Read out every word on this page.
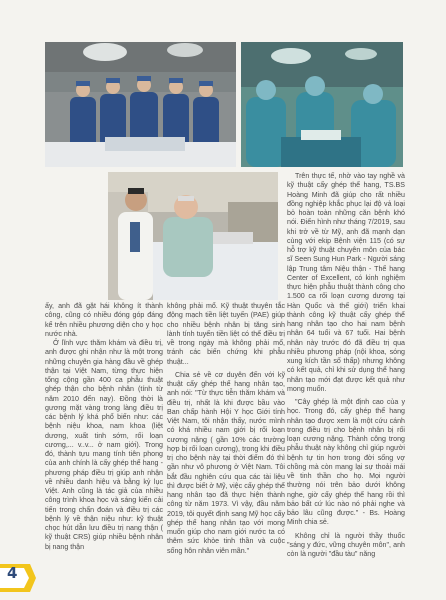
ấy, anh đã gặt hái không ít thành công, cũng có nhiều đóng góp đáng kể trên nhiều phương diện cho y học nước nhà.

Ở lĩnh vực thăm khám và điều trị, anh được ghi nhận như là một trong những chuyên gia hàng đầu về ghép thận tại Việt Nam, từng thực hiện tổng cộng gần 400 ca phẫu thuật ghép thận cho bệnh nhân (tính từ năm 2010 đến nay). Đồng thời là gương mặt vàng trong làng điều trị các bệnh lý khá phổ biến như: các bệnh niệu khoa, nam khoa (liệt dương, xuất tinh sớm, rối loạn cương,... v..v... ở nam giới). Trong đó, thành tựu mang tính tiên phong của anh chính là cấy ghép thể hang - phương pháp điều trị giúp anh nhận về nhiều danh hiệu và bằng kỷ lục Việt. Anh cũng là tác giả của nhiều công trình khoa học và sáng kiến cải tiến trong chẩn đoán và điều trị các bệnh lý về thận niệu như: kỹ thuật chọc hút dẫn lưu điều trị nang thận ( kỹ thuật CRS) giúp nhiều bệnh nhân bị nang thận

không phải mổ. Kỹ thuật thuyên tắc động mạch tiền liệt tuyến (PAE) giúp cho nhiều bệnh nhân bị tăng sinh lành tính tuyến tiền liệt có thể điều trị về trong ngày mà không phải mổ, tránh các biến chứng khi phẫu thuật...

Chia sẻ về cơ duyên đến với kỹ thuật cấy ghép thể hang nhân tạo, anh nói: "Từ thực tiễn thăm khám và điều trị, nhất là khi được bầu vào Ban chấp hành Hội Y học Giới tính Việt Nam, tôi nhận thấy, nước mình có khá nhiều nam giới bị rối loạn cương nặng ( gần 10% các trường hợp bị rối loạn cương), trong khi điều trị cho bệnh này tại thời điểm đó thì gần như vô phương ở Việt Nam. Tôi bắt đầu nghiên cứu qua các tài liệu thì được biết ở Mỹ, việc cấy ghép thể hang nhân tạo đã thực hiện thành công từ năm 1973. Vì vậy, đầu năm 2019, tôi quyết định sang Mỹ học cấy ghép thể hang nhân tạo với mong muốn giúp cho nam giới nước ta có thêm sức khỏe tinh thần và cuộc sống hôn nhân viên mãn."

Trên thực tế, nhờ vào tay nghề và kỹ thuật cấy ghép thể hang, TS.BS Hoàng Minh đã giúp cho rất nhiều đồng nghiệp khắc phục lại độ vả loại bỏ hoàn toàn những căn bệnh khó nói. Điển hình như tháng 7/2019, sau khi trở về từ Mỹ, anh đã mạnh dạn cùng với ekip Bệnh viện 115 (có sự hỗ trợ kỹ thuật chuyên môn của bác sĩ Seen Sung Hun Park - Người sáng lập Trung tâm Niệu thận - Thể hang Center of Excellent, có kinh nghiệm thực hiện phẫu thuật thành công cho 1.500 ca rối loạn cương dương tại Hàn Quốc và thế giới) triển khai thành công kỹ thuật cấy ghép thể hang nhân tạo cho hai nam bệnh nhân 64 tuổi và 67 tuổi. Hai bệnh nhân này trước đó đã điều trị qua nhiều phương pháp (nội khoa, sóng xung kích tần số thấp) nhưng không có kết quả, chỉ khi sử dụng thể hang nhân tạo mới đạt được kết quả như mong muốn.

"Cây ghép là một định cao của y học. Trong đó, cấy ghép thể hang nhân tạo được xem là một cứu cánh trong điều trị cho bệnh nhân bị rối loạn cương nặng. Thành công trong phẫu thuật này không chỉ giúp người bệnh tự tin hơn trong đời sống vợ chồng mà còn mang lại sự thoải mái về tinh thần cho họ. Mọi người thường nói trên bảo dưới không nghe, giờ cấy ghép thể hang rồi thì bảo bất cứ lúc nào nó phải nghe và bảo lâu cũng được." - Bs. Hoàng Minh chia sẻ.

Không chỉ là người thầy thuốc "sáng y đức, vững chuyên môn", anh còn là người "đầu tàu" năng

4
